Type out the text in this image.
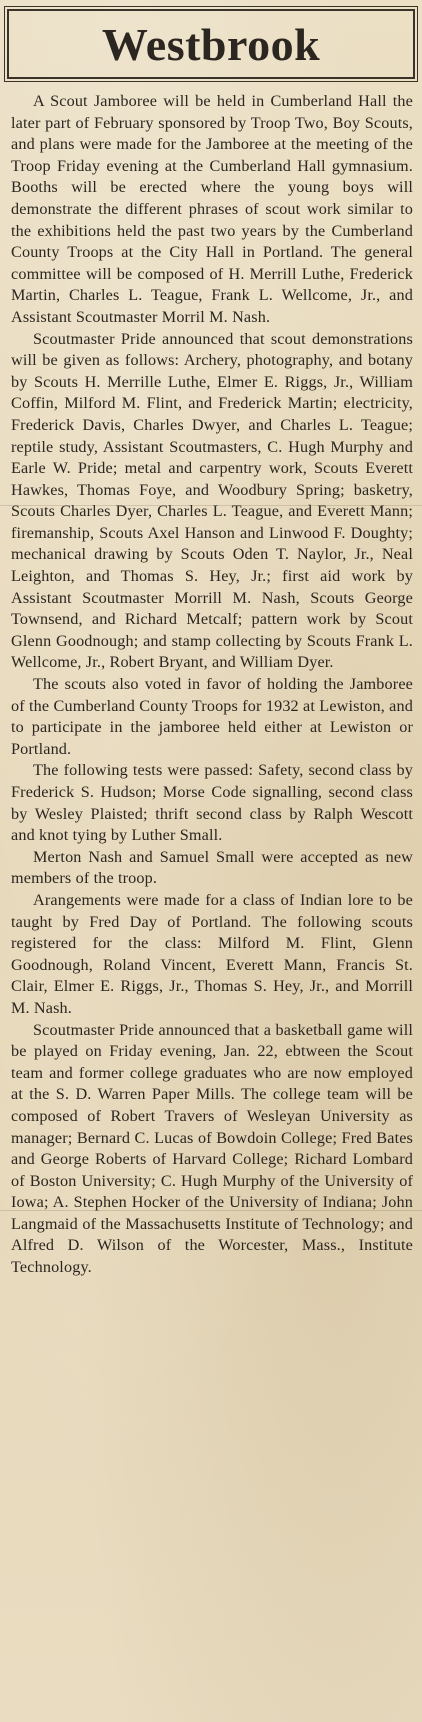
Westbrook

A Scout Jamboree will be held in Cumberland Hall the later part of February sponsored by Troop Two, Boy Scouts, and plans were made for the Jamboree at the meeting of the Troop Friday evening at the Cumberland Hall gymnasium. Booths will be erected where the young boys will demonstrate the different phrases of scout work similar to the exhibitions held the past two years by the Cumberland County Troops at the City Hall in Portland. The general committee will be composed of H. Merrill Luthe, Frederick Martin, Charles L. Teague, Frank L. Wellcome, Jr., and Assistant Scoutmaster Morril M. Nash.

Scoutmaster Pride announced that scout demonstrations will be given as follows: Archery, photography, and botany by Scouts H. Merrille Luthe, Elmer E. Riggs, Jr., William Coffin, Milford M. Flint, and Frederick Martin; electricity, Frederick Davis, Charles Dwyer, and Charles L. Teague; reptile study, Assistant Scoutmasters, C. Hugh Murphy and Earle W. Pride; metal and carpentry work, Scouts Everett Hawkes, Thomas Foye, and Woodbury Spring; basketry, Scouts Charles Dyer, Charles L. Teague, and Everett Mann; firemanship, Scouts Axel Hanson and Linwood F. Doughty; mechanical drawing by Scouts Oden T. Naylor, Jr., Neal Leighton, and Thomas S. Hey, Jr.; first aid work by Assistant Scoutmaster Morrill M. Nash, Scouts George Townsend, and Richard Metcalf; pattern work by Scout Glenn Goodnough; and stamp collecting by Scouts Frank L. Wellcome, Jr., Robert Bryant, and William Dyer.

The scouts also voted in favor of holding the Jamboree of the Cumberland County Troops for 1932 at Lewiston, and to participate in the jamboree held either at Lewiston or Portland.

The following tests were passed: Safety, second class by Frederick S. Hudson; Morse Code signalling, second class by Wesley Plaisted; thrift second class by Ralph Wescott and knot tying by Luther Small.

Merton Nash and Samuel Small were accepted as new members of the troop.

Arangements were made for a class of Indian lore to be taught by Fred Day of Portland. The following scouts registered for the class: Milford M. Flint, Glenn Goodnough, Roland Vincent, Everett Mann, Francis St. Clair, Elmer E. Riggs, Jr., Thomas S. Hey, Jr., and Morrill M. Nash.

Scoutmaster Pride announced that a basketball game will be played on Friday evening, Jan. 22, ebtween the Scout team and former college graduates who are now employed at the S. D. Warren Paper Mills. The college team will be composed of Robert Travers of Wesleyan University as manager; Bernard C. Lucas of Bowdoin College; Fred Bates and George Roberts of Harvard College; Richard Lombard of Boston University; C. Hugh Murphy of the University of Iowa; A. Stephen Hocker of the University of Indiana; John Langmaid of the Massachusetts Institute of Technology; and Alfred D. Wilson of the Worcester, Mass., Institute Technology.
